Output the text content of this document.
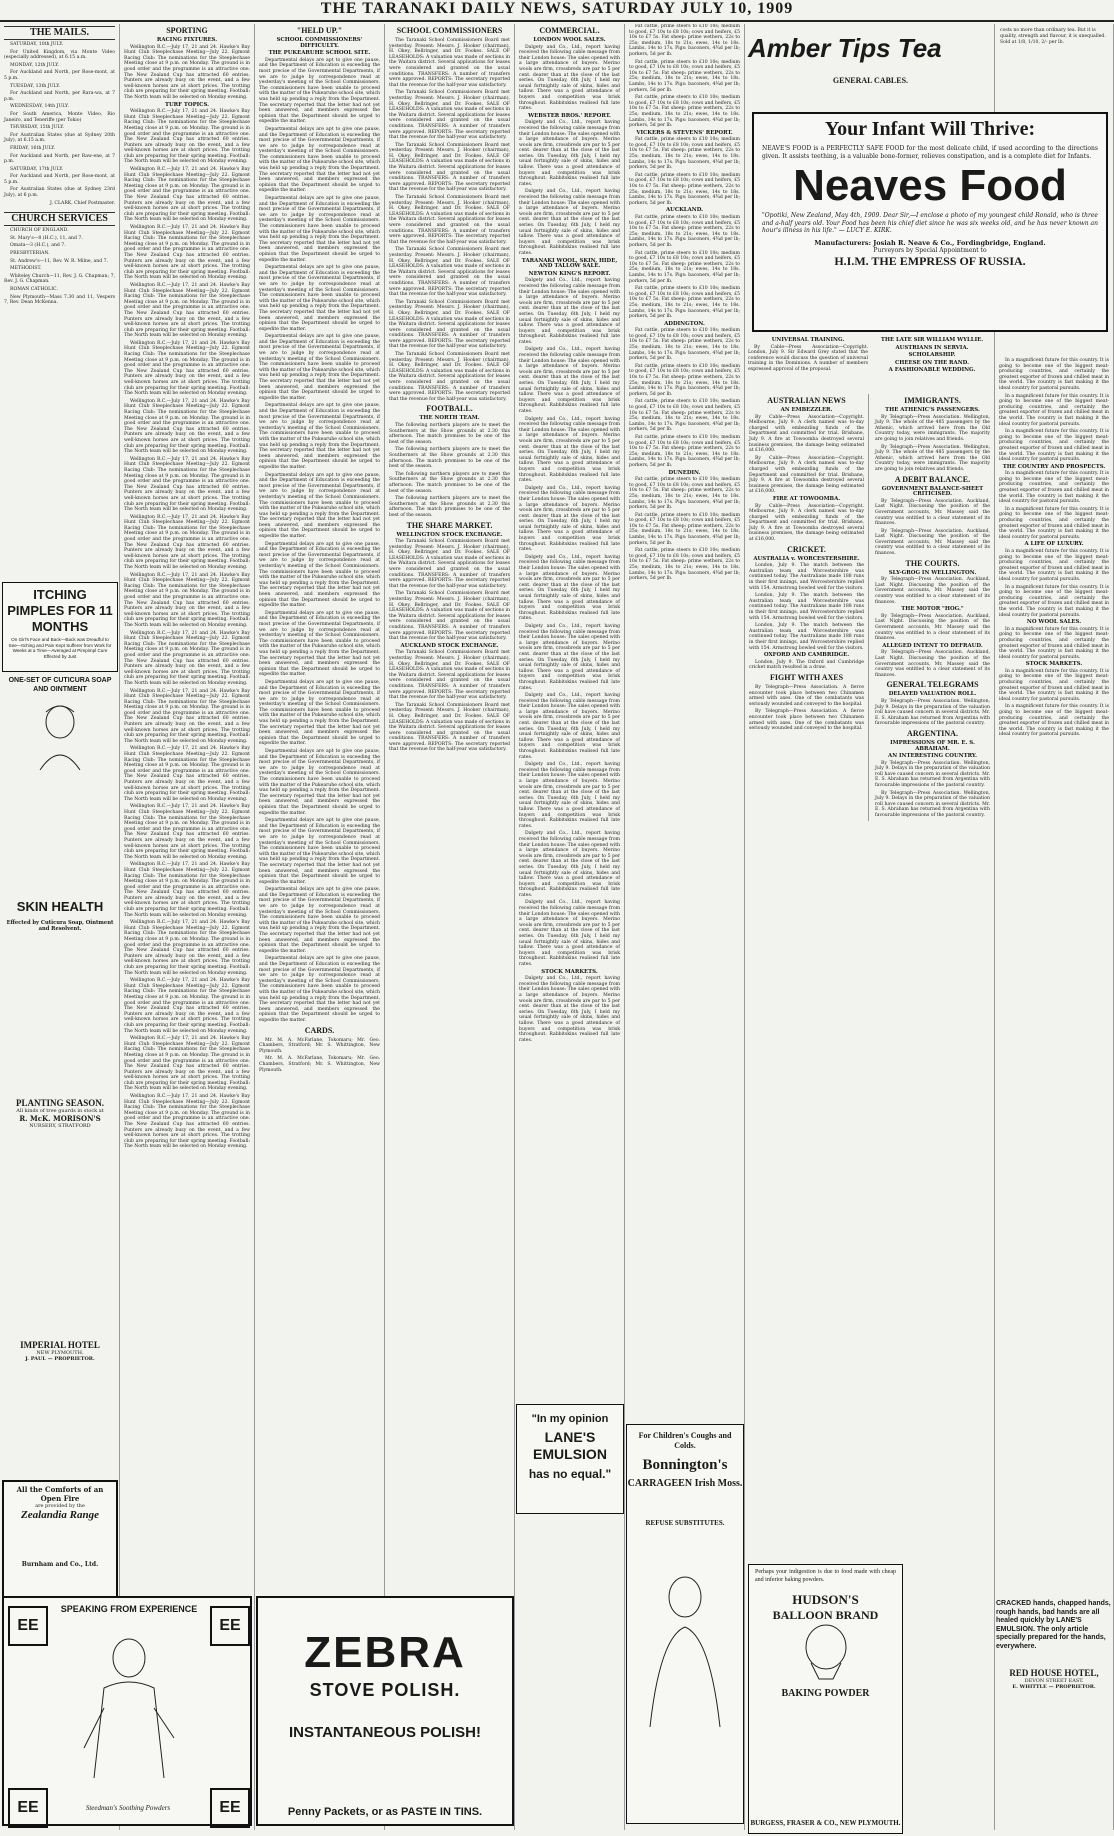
THE TARANAKI DAILY NEWS, SATURDAY JULY 10, 1909
THE MAILS.

SATURDAY, 10th JULY.

For United Kingdom, via Monte Video (especially addressed), at 6.15 a.m.

MONDAY, 12th JULY.

For Auckland and North, per Rose-mont, at 5 p.m.

TUESDAY, 13th JULY.

For Auckland and North, per Rara-wa, at 7 p.m.

WEDNESDAY, 14th JULY.

For South America, Monte Video, Rio Janeiro, and Teneriffe (per Tokio)

THURSDAY, 15th JULY.

For Australian States (due at Sydney 20th July), at 6.15 a.m.

FRIDAY, 16th JULY.

For Auckland and North, per Raw-ene, at 7 p.m.

SATURDAY, 17th JULY.

For Auckland and North, per Rose-mont, at 5 p.m.

For Australian States (due at Sydney 23rd July), at 6 p.m.

J. CLARK, Chief Postmaster.

CHURCH SERVICES

CHURCH OF ENGLAND.

St. Mary's—8 (H.C.), 11, and 7.

Omata—3 (H.C.), and 7.

PRESBYTERIAN.

St. Andrew's—11, Rev. W. R. Milne, and 7.

METHODIST.

Whiteley Church—11, Rev. J. G. Chapman; 7, Rev. J. G. Chapman.

ROMAN CATHOLIC.

New Plymouth—Mass 7.30 and 11, Vespers 7, Rev. Dean McKenna.

SPORTING
RACING FIXTURES.

Wellington R.C.—July 17, 21 and 24. Hawke's Bay Hunt Club Steeplechase Meeting—July 22. Egmont Racing Club: The nominations for the Steeplechase Meeting close at 9 p.m. on Monday. The ground is in good order and the programme is an attractive one. The New Zealand Cup has attracted 60 entries. Punters are already busy on the event, and a few well-known horses are at short prices. The trotting club are preparing for their spring meeting. Football: The North team will be selected on Monday evening.

TURF TOPICS.

Wellington R.C.—July 17, 21 and 24. Hawke's Bay Hunt Club Steeplechase Meeting—July 22. Egmont Racing Club: The nominations for the Steeplechase Meeting close at 9 p.m. on Monday. The ground is in good order and the programme is an attractive one. The New Zealand Cup has attracted 60 entries. Punters are already busy on the event, and a few well-known horses are at short prices. The trotting club are preparing for their spring meeting. Football: The North team will be selected on Monday evening.

Wellington R.C.—July 17, 21 and 24. Hawke's Bay Hunt Club Steeplechase Meeting—July 22. Egmont Racing Club: The nominations for the Steeplechase Meeting close at 9 p.m. on Monday. The ground is in good order and the programme is an attractive one. The New Zealand Cup has attracted 60 entries. Punters are already busy on the event, and a few well-known horses are at short prices. The trotting club are preparing for their spring meeting. Football: The North team will be selected on Monday evening.

Wellington R.C.—July 17, 21 and 24. Hawke's Bay Hunt Club Steeplechase Meeting—July 22. Egmont Racing Club: The nominations for the Steeplechase Meeting close at 9 p.m. on Monday. The ground is in good order and the programme is an attractive one. The New Zealand Cup has attracted 60 entries. Punters are already busy on the event, and a few well-known horses are at short prices. The trotting club are preparing for their spring meeting. Football: The North team will be selected on Monday evening.

Wellington R.C.—July 17, 21 and 24. Hawke's Bay Hunt Club Steeplechase Meeting—July 22. Egmont Racing Club: The nominations for the Steeplechase Meeting close at 9 p.m. on Monday. The ground is in good order and the programme is an attractive one. The New Zealand Cup has attracted 60 entries. Punters are already busy on the event, and a few well-known horses are at short prices. The trotting club are preparing for their spring meeting. Football: The North team will be selected on Monday evening.

Wellington R.C.—July 17, 21 and 24. Hawke's Bay Hunt Club Steeplechase Meeting—July 22. Egmont Racing Club: The nominations for the Steeplechase Meeting close at 9 p.m. on Monday. The ground is in good order and the programme is an attractive one. The New Zealand Cup has attracted 60 entries. Punters are already busy on the event, and a few well-known horses are at short prices. The trotting club are preparing for their spring meeting. Football: The North team will be selected on Monday evening.

Wellington R.C.—July 17, 21 and 24. Hawke's Bay Hunt Club Steeplechase Meeting—July 22. Egmont Racing Club: The nominations for the Steeplechase Meeting close at 9 p.m. on Monday. The ground is in good order and the programme is an attractive one. The New Zealand Cup has attracted 60 entries. Punters are already busy on the event, and a few well-known horses are at short prices. The trotting club are preparing for their spring meeting. Football: The North team will be selected on Monday evening.

Wellington R.C.—July 17, 21 and 24. Hawke's Bay Hunt Club Steeplechase Meeting—July 22. Egmont Racing Club: The nominations for the Steeplechase Meeting close at 9 p.m. on Monday. The ground is in good order and the programme is an attractive one. The New Zealand Cup has attracted 60 entries. Punters are already busy on the event, and a few well-known horses are at short prices. The trotting club are preparing for their spring meeting. Football: The North team will be selected on Monday evening.

Wellington R.C.—July 17, 21 and 24. Hawke's Bay Hunt Club Steeplechase Meeting—July 22. Egmont Racing Club: The nominations for the Steeplechase Meeting close at 9 p.m. on Monday. The ground is in good order and the programme is an attractive one. The New Zealand Cup has attracted 60 entries. Punters are already busy on the event, and a few well-known horses are at short prices. The trotting club are preparing for their spring meeting. Football: The North team will be selected on Monday evening.

Wellington R.C.—July 17, 21 and 24. Hawke's Bay Hunt Club Steeplechase Meeting—July 22. Egmont Racing Club: The nominations for the Steeplechase Meeting close at 9 p.m. on Monday. The ground is in good order and the programme is an attractive one. The New Zealand Cup has attracted 60 entries. Punters are already busy on the event, and a few well-known horses are at short prices. The trotting club are preparing for their spring meeting. Football: The North team will be selected on Monday evening.

Wellington R.C.—July 17, 21 and 24. Hawke's Bay Hunt Club Steeplechase Meeting—July 22. Egmont Racing Club: The nominations for the Steeplechase Meeting close at 9 p.m. on Monday. The ground is in good order and the programme is an attractive one. The New Zealand Cup has attracted 60 entries. Punters are already busy on the event, and a few well-known horses are at short prices. The trotting club are preparing for their spring meeting. Football: The North team will be selected on Monday evening.

Wellington R.C.—July 17, 21 and 24. Hawke's Bay Hunt Club Steeplechase Meeting—July 22. Egmont Racing Club: The nominations for the Steeplechase Meeting close at 9 p.m. on Monday. The ground is in good order and the programme is an attractive one. The New Zealand Cup has attracted 60 entries. Punters are already busy on the event, and a few well-known horses are at short prices. The trotting club are preparing for their spring meeting. Football: The North team will be selected on Monday evening.

Wellington R.C.—July 17, 21 and 24. Hawke's Bay Hunt Club Steeplechase Meeting—July 22. Egmont Racing Club: The nominations for the Steeplechase Meeting close at 9 p.m. on Monday. The ground is in good order and the programme is an attractive one. The New Zealand Cup has attracted 60 entries. Punters are already busy on the event, and a few well-known horses are at short prices. The trotting club are preparing for their spring meeting. Football: The North team will be selected on Monday evening.

Wellington R.C.—July 17, 21 and 24. Hawke's Bay Hunt Club Steeplechase Meeting—July 22. Egmont Racing Club: The nominations for the Steeplechase Meeting close at 9 p.m. on Monday. The ground is in good order and the programme is an attractive one. The New Zealand Cup has attracted 60 entries. Punters are already busy on the event, and a few well-known horses are at short prices. The trotting club are preparing for their spring meeting. Football: The North team will be selected on Monday evening.

Wellington R.C.—July 17, 21 and 24. Hawke's Bay Hunt Club Steeplechase Meeting—July 22. Egmont Racing Club: The nominations for the Steeplechase Meeting close at 9 p.m. on Monday. The ground is in good order and the programme is an attractive one. The New Zealand Cup has attracted 60 entries. Punters are already busy on the event, and a few well-known horses are at short prices. The trotting club are preparing for their spring meeting. Football: The North team will be selected on Monday evening.

Wellington R.C.—July 17, 21 and 24. Hawke's Bay Hunt Club Steeplechase Meeting—July 22. Egmont Racing Club: The nominations for the Steeplechase Meeting close at 9 p.m. on Monday. The ground is in good order and the programme is an attractive one. The New Zealand Cup has attracted 60 entries. Punters are already busy on the event, and a few well-known horses are at short prices. The trotting club are preparing for their spring meeting. Football: The North team will be selected on Monday evening.

Wellington R.C.—July 17, 21 and 24. Hawke's Bay Hunt Club Steeplechase Meeting—July 22. Egmont Racing Club: The nominations for the Steeplechase Meeting close at 9 p.m. on Monday. The ground is in good order and the programme is an attractive one. The New Zealand Cup has attracted 60 entries. Punters are already busy on the event, and a few well-known horses are at short prices. The trotting club are preparing for their spring meeting. Football: The North team will be selected on Monday evening.

Wellington R.C.—July 17, 21 and 24. Hawke's Bay Hunt Club Steeplechase Meeting—July 22. Egmont Racing Club: The nominations for the Steeplechase Meeting close at 9 p.m. on Monday. The ground is in good order and the programme is an attractive one. The New Zealand Cup has attracted 60 entries. Punters are already busy on the event, and a few well-known horses are at short prices. The trotting club are preparing for their spring meeting. Football: The North team will be selected on Monday evening.

Wellington R.C.—July 17, 21 and 24. Hawke's Bay Hunt Club Steeplechase Meeting—July 22. Egmont Racing Club: The nominations for the Steeplechase Meeting close at 9 p.m. on Monday. The ground is in good order and the programme is an attractive one. The New Zealand Cup has attracted 60 entries. Punters are already busy on the event, and a few well-known horses are at short prices. The trotting club are preparing for their spring meeting. Football: The North team will be selected on Monday evening.

"HELD UP."
SCHOOL COMMISSIONERS' DIFFICULTY.
THE PUKEARUHE SCHOOL SITE.

Departmental delays are apt to give one pause, and the Department of Education is exceeding the most precise of the Governmental Departments, if we are to judge by correspondence read at yesterday's meeting of the School Commissioners. The commissioners have been unable to proceed with the matter of the Pukearuhe school site, which was held up pending a reply from the Department. The secretary reported that the letter had not yet been answered, and members expressed the opinion that the Department should be urged to expedite the matter.

Departmental delays are apt to give one pause, and the Department of Education is exceeding the most precise of the Governmental Departments, if we are to judge by correspondence read at yesterday's meeting of the School Commissioners. The commissioners have been unable to proceed with the matter of the Pukearuhe school site, which was held up pending a reply from the Department. The secretary reported that the letter had not yet been answered, and members expressed the opinion that the Department should be urged to expedite the matter.

Departmental delays are apt to give one pause, and the Department of Education is exceeding the most precise of the Governmental Departments, if we are to judge by correspondence read at yesterday's meeting of the School Commissioners. The commissioners have been unable to proceed with the matter of the Pukearuhe school site, which was held up pending a reply from the Department. The secretary reported that the letter had not yet been answered, and members expressed the opinion that the Department should be urged to expedite the matter.

Departmental delays are apt to give one pause, and the Department of Education is exceeding the most precise of the Governmental Departments, if we are to judge by correspondence read at yesterday's meeting of the School Commissioners. The commissioners have been unable to proceed with the matter of the Pukearuhe school site, which was held up pending a reply from the Department. The secretary reported that the letter had not yet been answered, and members expressed the opinion that the Department should be urged to expedite the matter.

Departmental delays are apt to give one pause, and the Department of Education is exceeding the most precise of the Governmental Departments, if we are to judge by correspondence read at yesterday's meeting of the School Commissioners. The commissioners have been unable to proceed with the matter of the Pukearuhe school site, which was held up pending a reply from the Department. The secretary reported that the letter had not yet been answered, and members expressed the opinion that the Department should be urged to expedite the matter.

Departmental delays are apt to give one pause, and the Department of Education is exceeding the most precise of the Governmental Departments, if we are to judge by correspondence read at yesterday's meeting of the School Commissioners. The commissioners have been unable to proceed with the matter of the Pukearuhe school site, which was held up pending a reply from the Department. The secretary reported that the letter had not yet been answered, and members expressed the opinion that the Department should be urged to expedite the matter.

Departmental delays are apt to give one pause, and the Department of Education is exceeding the most precise of the Governmental Departments, if we are to judge by correspondence read at yesterday's meeting of the School Commissioners. The commissioners have been unable to proceed with the matter of the Pukearuhe school site, which was held up pending a reply from the Department. The secretary reported that the letter had not yet been answered, and members expressed the opinion that the Department should be urged to expedite the matter.

Departmental delays are apt to give one pause, and the Department of Education is exceeding the most precise of the Governmental Departments, if we are to judge by correspondence read at yesterday's meeting of the School Commissioners. The commissioners have been unable to proceed with the matter of the Pukearuhe school site, which was held up pending a reply from the Department. The secretary reported that the letter had not yet been answered, and members expressed the opinion that the Department should be urged to expedite the matter.

Departmental delays are apt to give one pause, and the Department of Education is exceeding the most precise of the Governmental Departments, if we are to judge by correspondence read at yesterday's meeting of the School Commissioners. The commissioners have been unable to proceed with the matter of the Pukearuhe school site, which was held up pending a reply from the Department. The secretary reported that the letter had not yet been answered, and members expressed the opinion that the Department should be urged to expedite the matter.

Departmental delays are apt to give one pause, and the Department of Education is exceeding the most precise of the Governmental Departments, if we are to judge by correspondence read at yesterday's meeting of the School Commissioners. The commissioners have been unable to proceed with the matter of the Pukearuhe school site, which was held up pending a reply from the Department. The secretary reported that the letter had not yet been answered, and members expressed the opinion that the Department should be urged to expedite the matter.

Departmental delays are apt to give one pause, and the Department of Education is exceeding the most precise of the Governmental Departments, if we are to judge by correspondence read at yesterday's meeting of the School Commissioners. The commissioners have been unable to proceed with the matter of the Pukearuhe school site, which was held up pending a reply from the Department. The secretary reported that the letter had not yet been answered, and members expressed the opinion that the Department should be urged to expedite the matter.

Departmental delays are apt to give one pause, and the Department of Education is exceeding the most precise of the Governmental Departments, if we are to judge by correspondence read at yesterday's meeting of the School Commissioners. The commissioners have been unable to proceed with the matter of the Pukearuhe school site, which was held up pending a reply from the Department. The secretary reported that the letter had not yet been answered, and members expressed the opinion that the Department should be urged to expedite the matter.

Departmental delays are apt to give one pause, and the Department of Education is exceeding the most precise of the Governmental Departments, if we are to judge by correspondence read at yesterday's meeting of the School Commissioners. The commissioners have been unable to proceed with the matter of the Pukearuhe school site, which was held up pending a reply from the Department. The secretary reported that the letter had not yet been answered, and members expressed the opinion that the Department should be urged to expedite the matter.

Departmental delays are apt to give one pause, and the Department of Education is exceeding the most precise of the Governmental Departments, if we are to judge by correspondence read at yesterday's meeting of the School Commissioners. The commissioners have been unable to proceed with the matter of the Pukearuhe school site, which was held up pending a reply from the Department. The secretary reported that the letter had not yet been answered, and members expressed the opinion that the Department should be urged to expedite the matter.

CARDS.

Mr. M. A. McFarlane, Tokomaru; Mr. Geo. Chambers, Stratford; Mr. S. Whittington, New Plymouth.

Mr. M. A. McFarlane, Tokomaru; Mr. Geo. Chambers, Stratford; Mr. S. Whittington, New Plymouth.

SCHOOL COMMISSIONERS

The Taranaki School Commissioners Board met yesterday. Present: Messrs. J. Hooker (chairman), H. Okey, Bellringer, and Dr. Fookes. SALE OF LEASEHOLDS: A valuation was made of sections in the Waitara district. Several applications for leases were considered and granted on the usual conditions. TRANSFERS: A number of transfers were approved. REPORTS: The secretary reported that the revenue for the half-year was satisfactory.

The Taranaki School Commissioners Board met yesterday. Present: Messrs. J. Hooker (chairman), H. Okey, Bellringer, and Dr. Fookes. SALE OF LEASEHOLDS: A valuation was made of sections in the Waitara district. Several applications for leases were considered and granted on the usual conditions. TRANSFERS: A number of transfers were approved. REPORTS: The secretary reported that the revenue for the half-year was satisfactory.

The Taranaki School Commissioners Board met yesterday. Present: Messrs. J. Hooker (chairman), H. Okey, Bellringer, and Dr. Fookes. SALE OF LEASEHOLDS: A valuation was made of sections in the Waitara district. Several applications for leases were considered and granted on the usual conditions. TRANSFERS: A number of transfers were approved. REPORTS: The secretary reported that the revenue for the half-year was satisfactory.

The Taranaki School Commissioners Board met yesterday. Present: Messrs. J. Hooker (chairman), H. Okey, Bellringer, and Dr. Fookes. SALE OF LEASEHOLDS: A valuation was made of sections in the Waitara district. Several applications for leases were considered and granted on the usual conditions. TRANSFERS: A number of transfers were approved. REPORTS: The secretary reported that the revenue for the half-year was satisfactory.

The Taranaki School Commissioners Board met yesterday. Present: Messrs. J. Hooker (chairman), H. Okey, Bellringer, and Dr. Fookes. SALE OF LEASEHOLDS: A valuation was made of sections in the Waitara district. Several applications for leases were considered and granted on the usual conditions. TRANSFERS: A number of transfers were approved. REPORTS: The secretary reported that the revenue for the half-year was satisfactory.

The Taranaki School Commissioners Board met yesterday. Present: Messrs. J. Hooker (chairman), H. Okey, Bellringer, and Dr. Fookes. SALE OF LEASEHOLDS: A valuation was made of sections in the Waitara district. Several applications for leases were considered and granted on the usual conditions. TRANSFERS: A number of transfers were approved. REPORTS: The secretary reported that the revenue for the half-year was satisfactory.

The Taranaki School Commissioners Board met yesterday. Present: Messrs. J. Hooker (chairman), H. Okey, Bellringer, and Dr. Fookes. SALE OF LEASEHOLDS: A valuation was made of sections in the Waitara district. Several applications for leases were considered and granted on the usual conditions. TRANSFERS: A number of transfers were approved. REPORTS: The secretary reported that the revenue for the half-year was satisfactory.

FOOTBALL.
THE NORTH TEAM.

The following northern players are to meet the Southerners at the Show grounds at 2.30 this afternoon. The match promises to be one of the best of the season.

The following northern players are to meet the Southerners at the Show grounds at 2.30 this afternoon. The match promises to be one of the best of the season.

The following northern players are to meet the Southerners at the Show grounds at 2.30 this afternoon. The match promises to be one of the best of the season.

The following northern players are to meet the Southerners at the Show grounds at 2.30 this afternoon. The match promises to be one of the best of the season.

THE SHARE MARKET.
WELLINGTON STOCK EXCHANGE.

The Taranaki School Commissioners Board met yesterday. Present: Messrs. J. Hooker (chairman), H. Okey, Bellringer, and Dr. Fookes. SALE OF LEASEHOLDS: A valuation was made of sections in the Waitara district. Several applications for leases were considered and granted on the usual conditions. TRANSFERS: A number of transfers were approved. REPORTS: The secretary reported that the revenue for the half-year was satisfactory.

The Taranaki School Commissioners Board met yesterday. Present: Messrs. J. Hooker (chairman), H. Okey, Bellringer, and Dr. Fookes. SALE OF LEASEHOLDS: A valuation was made of sections in the Waitara district. Several applications for leases were considered and granted on the usual conditions. TRANSFERS: A number of transfers were approved. REPORTS: The secretary reported that the revenue for the half-year was satisfactory.

AUCKLAND STOCK EXCHANGE.

The Taranaki School Commissioners Board met yesterday. Present: Messrs. J. Hooker (chairman), H. Okey, Bellringer, and Dr. Fookes. SALE OF LEASEHOLDS: A valuation was made of sections in the Waitara district. Several applications for leases were considered and granted on the usual conditions. TRANSFERS: A number of transfers were approved. REPORTS: The secretary reported that the revenue for the half-year was satisfactory.

The Taranaki School Commissioners Board met yesterday. Present: Messrs. J. Hooker (chairman), H. Okey, Bellringer, and Dr. Fookes. SALE OF LEASEHOLDS: A valuation was made of sections in the Waitara district. Several applications for leases were considered and granted on the usual conditions. TRANSFERS: A number of transfers were approved. REPORTS: The secretary reported that the revenue for the half-year was satisfactory.

COMMERCIAL.
LONDON WOOL SALES.

Dalgety and Co., Ltd., report having received the following cable message from their London house: The sales opened with a large attendance of buyers. Merino wools are firm, crossbreds are par to 5 per cent. dearer than at the close of the last series. On Tuesday, 6th July, I held my usual fortnightly sale of skins, hides and tallow. There was a good attendance of buyers and competition was brisk throughout. Rabbitskins realised full late rates.

WEBSTER BROS.' REPORT.

Dalgety and Co., Ltd., report having received the following cable message from their London house: The sales opened with a large attendance of buyers. Merino wools are firm, crossbreds are par to 5 per cent. dearer than at the close of the last series. On Tuesday, 6th July, I held my usual fortnightly sale of skins, hides and tallow. There was a good attendance of buyers and competition was brisk throughout. Rabbitskins realised full late rates.

Dalgety and Co., Ltd., report having received the following cable message from their London house: The sales opened with a large attendance of buyers. Merino wools are firm, crossbreds are par to 5 per cent. dearer than at the close of the last series. On Tuesday, 6th July, I held my usual fortnightly sale of skins, hides and tallow. There was a good attendance of buyers and competition was brisk throughout. Rabbitskins realised full late rates.

TARANAKI WOOL, SKIN, HIDE, AND TALLOW SALE.
NEWTON KING'S REPORT.

Dalgety and Co., Ltd., report having received the following cable message from their London house: The sales opened with a large attendance of buyers. Merino wools are firm, crossbreds are par to 5 per cent. dearer than at the close of the last series. On Tuesday, 6th July, I held my usual fortnightly sale of skins, hides and tallow. There was a good attendance of buyers and competition was brisk throughout. Rabbitskins realised full late rates.

Dalgety and Co., Ltd., report having received the following cable message from their London house: The sales opened with a large attendance of buyers. Merino wools are firm, crossbreds are par to 5 per cent. dearer than at the close of the last series. On Tuesday, 6th July, I held my usual fortnightly sale of skins, hides and tallow. There was a good attendance of buyers and competition was brisk throughout. Rabbitskins realised full late rates.

Dalgety and Co., Ltd., report having received the following cable message from their London house: The sales opened with a large attendance of buyers. Merino wools are firm, crossbreds are par to 5 per cent. dearer than at the close of the last series. On Tuesday, 6th July, I held my usual fortnightly sale of skins, hides and tallow. There was a good attendance of buyers and competition was brisk throughout. Rabbitskins realised full late rates.

Dalgety and Co., Ltd., report having received the following cable message from their London house: The sales opened with a large attendance of buyers. Merino wools are firm, crossbreds are par to 5 per cent. dearer than at the close of the last series. On Tuesday, 6th July, I held my usual fortnightly sale of skins, hides and tallow. There was a good attendance of buyers and competition was brisk throughout. Rabbitskins realised full late rates.

Dalgety and Co., Ltd., report having received the following cable message from their London house: The sales opened with a large attendance of buyers. Merino wools are firm, crossbreds are par to 5 per cent. dearer than at the close of the last series. On Tuesday, 6th July, I held my usual fortnightly sale of skins, hides and tallow. There was a good attendance of buyers and competition was brisk throughout. Rabbitskins realised full late rates.

Dalgety and Co., Ltd., report having received the following cable message from their London house: The sales opened with a large attendance of buyers. Merino wools are firm, crossbreds are par to 5 per cent. dearer than at the close of the last series. On Tuesday, 6th July, I held my usual fortnightly sale of skins, hides and tallow. There was a good attendance of buyers and competition was brisk throughout. Rabbitskins realised full late rates.

Dalgety and Co., Ltd., report having received the following cable message from their London house: The sales opened with a large attendance of buyers. Merino wools are firm, crossbreds are par to 5 per cent. dearer than at the close of the last series. On Tuesday, 6th July, I held my usual fortnightly sale of skins, hides and tallow. There was a good attendance of buyers and competition was brisk throughout. Rabbitskins realised full late rates.

Dalgety and Co., Ltd., report having received the following cable message from their London house: The sales opened with a large attendance of buyers. Merino wools are firm, crossbreds are par to 5 per cent. dearer than at the close of the last series. On Tuesday, 6th July, I held my usual fortnightly sale of skins, hides and tallow. There was a good attendance of buyers and competition was brisk throughout. Rabbitskins realised full late rates.

Dalgety and Co., Ltd., report having received the following cable message from their London house: The sales opened with a large attendance of buyers. Merino wools are firm, crossbreds are par to 5 per cent. dearer than at the close of the last series. On Tuesday, 6th July, I held my usual fortnightly sale of skins, hides and tallow. There was a good attendance of buyers and competition was brisk throughout. Rabbitskins realised full late rates.

Dalgety and Co., Ltd., report having received the following cable message from their London house: The sales opened with a large attendance of buyers. Merino wools are firm, crossbreds are par to 5 per cent. dearer than at the close of the last series. On Tuesday, 6th July, I held my usual fortnightly sale of skins, hides and tallow. There was a good attendance of buyers and competition was brisk throughout. Rabbitskins realised full late rates.

STOCK MARKETS.

Dalgety and Co., Ltd., report having received the following cable message from their London house: The sales opened with a large attendance of buyers. Merino wools are firm, crossbreds are par to 5 per cent. dearer than at the close of the last series. On Tuesday, 6th July, I held my usual fortnightly sale of skins, hides and tallow. There was a good attendance of buyers and competition was brisk throughout. Rabbitskins realised full late rates.

Fat cattle, prime steers to £10 10s; medium to good, £7 10s to £8 10s; cows and heifers, £5 10s to £7 5s. Fat sheep: prime wethers, 22s to 25s; medium, 18s to 21s; ewes, 14s to 18s. Lambs, 14s to 17s. Pigs: baconers, 4¾d per lb; porkers, 5d per lb.

Fat cattle, prime steers to £10 10s; medium to good, £7 10s to £8 10s; cows and heifers, £5 10s to £7 5s. Fat sheep: prime wethers, 22s to 25s; medium, 18s to 21s; ewes, 14s to 18s. Lambs, 14s to 17s. Pigs: baconers, 4¾d per lb; porkers, 5d per lb.

Fat cattle, prime steers to £10 10s; medium to good, £7 10s to £8 10s; cows and heifers, £5 10s to £7 5s. Fat sheep: prime wethers, 22s to 25s; medium, 18s to 21s; ewes, 14s to 18s. Lambs, 14s to 17s. Pigs: baconers, 4¾d per lb; porkers, 5d per lb.

VICKERS & STEVENS' REPORT.

Fat cattle, prime steers to £10 10s; medium to good, £7 10s to £8 10s; cows and heifers, £5 10s to £7 5s. Fat sheep: prime wethers, 22s to 25s; medium, 18s to 21s; ewes, 14s to 18s. Lambs, 14s to 17s. Pigs: baconers, 4¾d per lb; porkers, 5d per lb.

Fat cattle, prime steers to £10 10s; medium to good, £7 10s to £8 10s; cows and heifers, £5 10s to £7 5s. Fat sheep: prime wethers, 22s to 25s; medium, 18s to 21s; ewes, 14s to 18s. Lambs, 14s to 17s. Pigs: baconers, 4¾d per lb; porkers, 5d per lb.

AUCKLAND.

Fat cattle, prime steers to £10 10s; medium to good, £7 10s to £8 10s; cows and heifers, £5 10s to £7 5s. Fat sheep: prime wethers, 22s to 25s; medium, 18s to 21s; ewes, 14s to 18s. Lambs, 14s to 17s. Pigs: baconers, 4¾d per lb; porkers, 5d per lb.

Fat cattle, prime steers to £10 10s; medium to good, £7 10s to £8 10s; cows and heifers, £5 10s to £7 5s. Fat sheep: prime wethers, 22s to 25s; medium, 18s to 21s; ewes, 14s to 18s. Lambs, 14s to 17s. Pigs: baconers, 4¾d per lb; porkers, 5d per lb.

Fat cattle, prime steers to £10 10s; medium to good, £7 10s to £8 10s; cows and heifers, £5 10s to £7 5s. Fat sheep: prime wethers, 22s to 25s; medium, 18s to 21s; ewes, 14s to 18s. Lambs, 14s to 17s. Pigs: baconers, 4¾d per lb; porkers, 5d per lb.

ADDINGTON.

Fat cattle, prime steers to £10 10s; medium to good, £7 10s to £8 10s; cows and heifers, £5 10s to £7 5s. Fat sheep: prime wethers, 22s to 25s; medium, 18s to 21s; ewes, 14s to 18s. Lambs, 14s to 17s. Pigs: baconers, 4¾d per lb; porkers, 5d per lb.

Fat cattle, prime steers to £10 10s; medium to good, £7 10s to £8 10s; cows and heifers, £5 10s to £7 5s. Fat sheep: prime wethers, 22s to 25s; medium, 18s to 21s; ewes, 14s to 18s. Lambs, 14s to 17s. Pigs: baconers, 4¾d per lb; porkers, 5d per lb.

Fat cattle, prime steers to £10 10s; medium to good, £7 10s to £8 10s; cows and heifers, £5 10s to £7 5s. Fat sheep: prime wethers, 22s to 25s; medium, 18s to 21s; ewes, 14s to 18s. Lambs, 14s to 17s. Pigs: baconers, 4¾d per lb; porkers, 5d per lb.

Fat cattle, prime steers to £10 10s; medium to good, £7 10s to £8 10s; cows and heifers, £5 10s to £7 5s. Fat sheep: prime wethers, 22s to 25s; medium, 18s to 21s; ewes, 14s to 18s. Lambs, 14s to 17s. Pigs: baconers, 4¾d per lb; porkers, 5d per lb.

DUNEDIN.

Fat cattle, prime steers to £10 10s; medium to good, £7 10s to £8 10s; cows and heifers, £5 10s to £7 5s. Fat sheep: prime wethers, 22s to 25s; medium, 18s to 21s; ewes, 14s to 18s. Lambs, 14s to 17s. Pigs: baconers, 4¾d per lb; porkers, 5d per lb.

Fat cattle, prime steers to £10 10s; medium to good, £7 10s to £8 10s; cows and heifers, £5 10s to £7 5s. Fat sheep: prime wethers, 22s to 25s; medium, 18s to 21s; ewes, 14s to 18s. Lambs, 14s to 17s. Pigs: baconers, 4¾d per lb; porkers, 5d per lb.

Fat cattle, prime steers to £10 10s; medium to good, £7 10s to £8 10s; cows and heifers, £5 10s to £7 5s. Fat sheep: prime wethers, 22s to 25s; medium, 18s to 21s; ewes, 14s to 18s. Lambs, 14s to 17s. Pigs: baconers, 4¾d per lb; porkers, 5d per lb.

AUSTRALIAN NEWS
AN EMBEZZLER.

By Cable—Press Association—Copyright. Melbourne, July 9. A clerk named was to-day charged with embezzling funds of the Department and committed for trial. Brisbane, July 9. A fire at Towoomba destroyed several business premises, the damage being estimated at £16,000.

By Cable—Press Association—Copyright. Melbourne, July 9. A clerk named was to-day charged with embezzling funds of the Department and committed for trial. Brisbane, July 9. A fire at Towoomba destroyed several business premises, the damage being estimated at £16,000.

FIRE AT TOWOOMBA.

By Cable—Press Association—Copyright. Melbourne, July 9. A clerk named was to-day charged with embezzling funds of the Department and committed for trial. Brisbane, July 9. A fire at Towoomba destroyed several business premises, the damage being estimated at £16,000.

CRICKET.
AUSTRALIA v. WORCESTERSHIRE.

London, July 9. The match between the Australian team and Worcestershire was continued today. The Australians made 188 runs in their first innings, and Worcestershire replied with 154. Armstrong bowled well for the visitors.

London, July 9. The match between the Australian team and Worcestershire was continued today. The Australians made 188 runs in their first innings, and Worcestershire replied with 154. Armstrong bowled well for the visitors.

London, July 9. The match between the Australian team and Worcestershire was continued today. The Australians made 188 runs in their first innings, and Worcestershire replied with 154. Armstrong bowled well for the visitors.

OXFORD AND CAMBRIDGE.

London, July 9. The Oxford and Cambridge cricket match resulted in a draw.

FIGHT WITH AXES

By Telegraph—Press Association. A fierce encounter took place between two Chinamen armed with axes. One of the combatants was seriously wounded and conveyed to the hospital.

By Telegraph—Press Association. A fierce encounter took place between two Chinamen armed with axes. One of the combatants was seriously wounded and conveyed to the hospital.

IMMIGRANTS.
THE ATHENIC'S PASSENGERS.

By Telegraph—Press Association. Wellington, July 9. The whole of the 485 passengers by the Athenic, which arrived here from the Old Country today, were immigrants. The majority are going to join relatives and friends.

By Telegraph—Press Association. Wellington, July 9. The whole of the 485 passengers by the Athenic, which arrived here from the Old Country today, were immigrants. The majority are going to join relatives and friends.

A DEBIT BALANCE.
GOVERNMENT BALANCE-SHEET CRITICISED.

By Telegraph—Press Association. Auckland, Last Night. Discussing the position of the Government accounts, Mr. Massey said the country was entitled to a clear statement of its finances.

By Telegraph—Press Association. Auckland, Last Night. Discussing the position of the Government accounts, Mr. Massey said the country was entitled to a clear statement of its finances.

THE COURTS.
SLY-GROG IN WELLINGTON.

By Telegraph—Press Association. Auckland, Last Night. Discussing the position of the Government accounts, Mr. Massey said the country was entitled to a clear statement of its finances.

THE MOTOR "HOG."

By Telegraph—Press Association. Auckland, Last Night. Discussing the position of the Government accounts, Mr. Massey said the country was entitled to a clear statement of its finances.

ALLEGED INTENT TO DEFRAUD.

By Telegraph—Press Association. Auckland, Last Night. Discussing the position of the Government accounts, Mr. Massey said the country was entitled to a clear statement of its finances.

GENERAL TELEGRAMS
DELAYED VALUATION ROLL.

By Telegraph—Press Association. Wellington, July 9. Delays in the preparation of the valuation roll have caused concern in several districts. Mr. E. S. Abraham has returned from Argentina with favourable impressions of the pastoral country.

ARGENTINA.
IMPRESSIONS OF MR. E. S. ABRAHAM.
AN INTERESTING COUNTRY.

By Telegraph—Press Association. Wellington, July 9. Delays in the preparation of the valuation roll have caused concern in several districts. Mr. E. S. Abraham has returned from Argentina with favourable impressions of the pastoral country.

By Telegraph—Press Association. Wellington, July 9. Delays in the preparation of the valuation roll have caused concern in several districts. Mr. E. S. Abraham has returned from Argentina with favourable impressions of the pastoral country.

In a magnificent future for this country. It is going to become one of the biggest meat-producing countries, and certainly the greatest exporter of frozen and chilled meat in the world. The country is fast making it the ideal country for pastoral pursuits.

In a magnificent future for this country. It is going to become one of the biggest meat-producing countries, and certainly the greatest exporter of frozen and chilled meat in the world. The country is fast making it the ideal country for pastoral pursuits.

In a magnificent future for this country. It is going to become one of the biggest meat-producing countries, and certainly the greatest exporter of frozen and chilled meat in the world. The country is fast making it the ideal country for pastoral pursuits.

THE COUNTRY AND PROSPECTS.

In a magnificent future for this country. It is going to become one of the biggest meat-producing countries, and certainly the greatest exporter of frozen and chilled meat in the world. The country is fast making it the ideal country for pastoral pursuits.

In a magnificent future for this country. It is going to become one of the biggest meat-producing countries, and certainly the greatest exporter of frozen and chilled meat in the world. The country is fast making it the ideal country for pastoral pursuits.

A LIFE OF LUXURY.

In a magnificent future for this country. It is going to become one of the biggest meat-producing countries, and certainly the greatest exporter of frozen and chilled meat in the world. The country is fast making it the ideal country for pastoral pursuits.

In a magnificent future for this country. It is going to become one of the biggest meat-producing countries, and certainly the greatest exporter of frozen and chilled meat in the world. The country is fast making it the ideal country for pastoral pursuits.

NO WOOL SALES.

In a magnificent future for this country. It is going to become one of the biggest meat-producing countries, and certainly the greatest exporter of frozen and chilled meat in the world. The country is fast making it the ideal country for pastoral pursuits.

STOCK MARKETS.

In a magnificent future for this country. It is going to become one of the biggest meat-producing countries, and certainly the greatest exporter of frozen and chilled meat in the world. The country is fast making it the ideal country for pastoral pursuits.

In a magnificent future for this country. It is going to become one of the biggest meat-producing countries, and certainly the greatest exporter of frozen and chilled meat in the world. The country is fast making it the ideal country for pastoral pursuits.

GENERAL CABLES.
UNIVERSAL TRAINING.

By Cable—Press Association—Copyright. London, July 9. Sir Edward Grey stated that the conference would discuss the question of universal training in the Dominions. A number of members expressed approval of the proposal.

THE LATE SIR WILLIAM WYLLIE.
AUSTRIANS IN SERVIA.
SCHOLARSHIP.
CHEESE ON THE RAND.
A FASHIONABLE WEDDING.
Amber Tips Tea
costs no more than ordinary tea. But it is quality, strength and flavour, it is unequalled. Sold at 1/8, 1/10, 2/- per lb.
Your Infant Will Thrive:
NEAVE'S FOOD is a PERFECTLY SAFE FOOD for the most delicate child, if used according to the directions given. It assists teething, is a valuable bone-former, relieves constipation, and is a complete diet for Infants.
Neaves Food
"Opotiki, New Zealand, May 4th, 1909. Dear Sir,—I enclose a photo of my youngest child Ronald, who is three and a-half years old. Your Food has been his chief diet since he was six weeks old, and he has never known an hour's illness in his life." — LUCY E. KIRK.
Manufacturers: Josiah R. Neave & Co., Fordingbridge, England.
Purveyors by Special Appointment to
H.I.M. THE EMPRESS OF RUSSIA.
ITCHING PIMPLES FOR 11 MONTHS
On Girl's Face and Back—Back was Dreadful to See—Itching and Pain Kept Sufferer from Work for Weeks at a Time—Averaged at Pimpimpl Cure Effected by Just
ONE-SET OF CUTICURA SOAP AND OINTMENT
SKIN HEALTH
Effected by Cuticura Soap, Ointment and Resolvent.
PLANTING SEASON.
All kinds of tree guards in stock at
R. McK. MORISON'S
NURSERY, STRATFORD
IMPERIAL HOTEL
NEW PLYMOUTH.
J. PAUL — PROPRIETOR.
All the Comforts of an Open Fire
are provided by the
Zealandia Range
Burnham and Co., Ltd.
EE	EE
SPEAKING FROM EXPERIENCE
EE	EE
Steedman's Soothing Powders
ZEBRA
STOVE POLISH.
INSTANTANEOUS POLISH!
Penny Packets, or as PASTE IN TINS.
"In my opinion
LANE'S EMULSION
has no equal."
For Children's Coughs and Colds.
Bonnington's
CARRAGEEN Irish Moss.
REFUSE SUBSTITUTES.
Perhaps your indigestion is due to food made with cheap and inferior baking powders.
HUDSON'S
BALLOON BRAND
BAKING POWDER
BURGESS, FRASER & CO., NEW PLYMOUTH.
CRACKED hands, chapped hands, rough hands, bad hands are all healed quickly by LANE'S EMULSION. The only article specially prepared for the hands, everywhere.
RED HOUSE HOTEL,
DEVON STREET EAST.
E. WHITTLE — PROPRIETOR.
